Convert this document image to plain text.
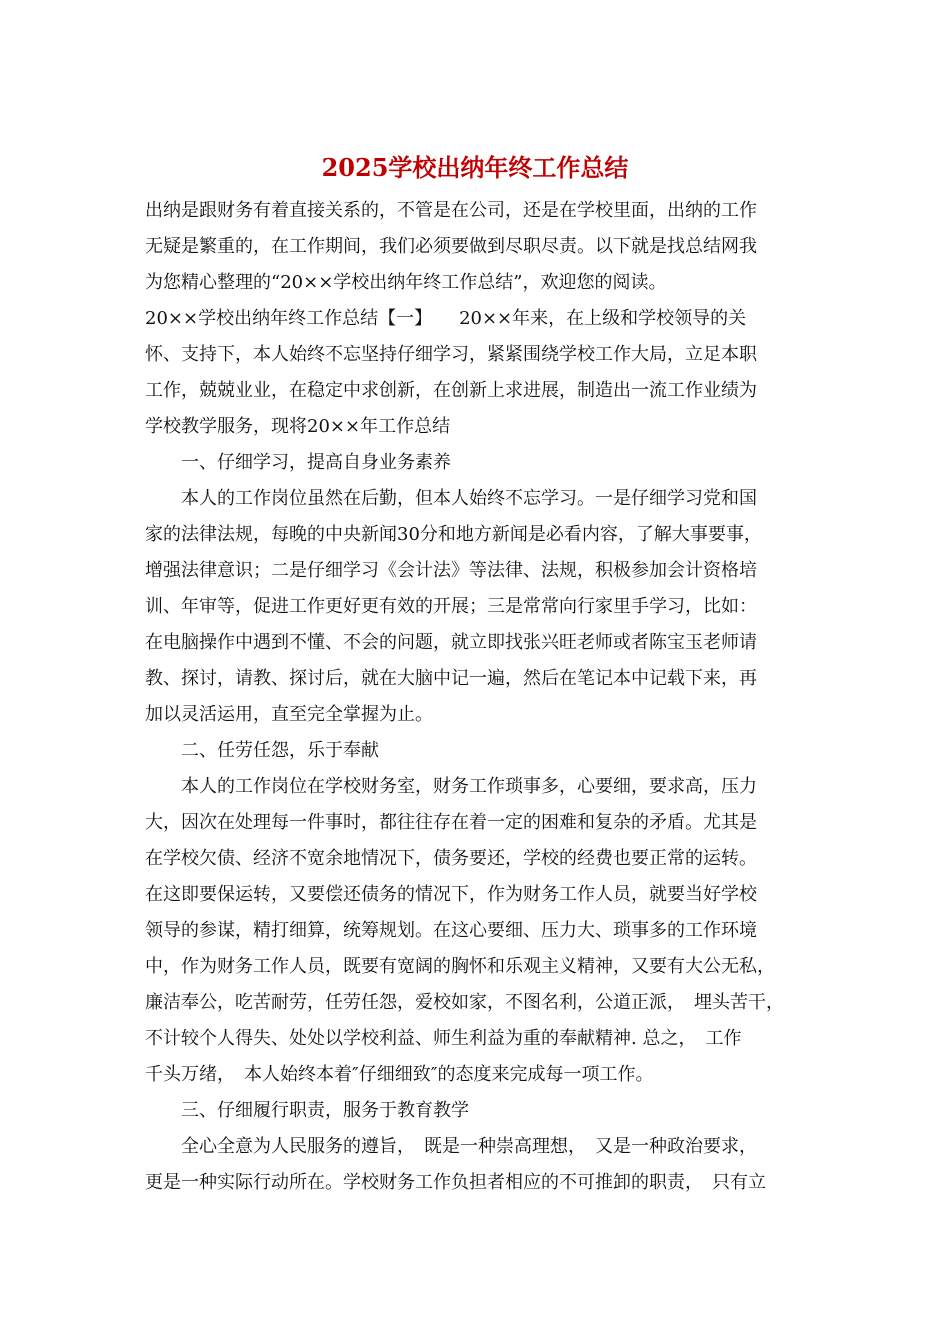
2025学校出纳年终工作总结
出纳是跟财务有着直接关系的，不管是在公司，还是在学校里面，出纳的工作
无疑是繁重的，在工作期间，我们必须要做到尽职尽责。以下就是找总结网我
为您精心整理的“20××学校出纳年终工作总结”，欢迎您的阅读。
20××学校出纳年终工作总结【一】　　20××年来，在上级和学校领导的关
怀、支持下，本人始终不忘坚持仔细学习，紧紧围绕学校工作大局，立足本职
工作，兢兢业业，在稳定中求创新，在创新上求进展，制造出一流工作业绩为
学校教学服务，现将20××年工作总结
一、仔细学习，提高自身业务素养
本人的工作岗位虽然在后勤，但本人始终不忘学习。一是仔细学习党和国
家的法律法规，每晚的中央新闻30分和地方新闻是必看内容，了解大事要事，
增强法律意识；二是仔细学习《会计法》等法律、法规，积极参加会计资格培
训、年审等，促进工作更好更有效的开展；三是常常向行家里手学习，比如：
在电脑操作中遇到不懂、不会的问题，就立即找张兴旺老师或者陈宝玉老师请
教、探讨，请教、探讨后，就在大脑中记一遍，然后在笔记本中记载下来，再
加以灵活运用，直至完全掌握为止。
二、任劳任怨，乐于奉献
本人的工作岗位在学校财务室，财务工作琐事多，心要细，要求高，压力
大，因次在处理每一件事时，都往往存在着一定的困难和复杂的矛盾。尤其是
在学校欠债、经济不宽余地情况下，债务要还，学校的经费也要正常的运转。
在这即要保运转，又要偿还债务的情况下，作为财务工作人员，就要当好学校
领导的参谋，精打细算，统筹规划。在这心要细、压力大、琐事多的工作环境
中，作为财务工作人员，既要有宽阔的胸怀和乐观主义精神，又要有大公无私，
廉洁奉公，吃苦耐劳，任劳任怨，爱校如家，不图名利，公道正派，　埋头苦干，
不计较个人得失、处处以学校利益、师生利益为重的奉献精神. 总之，　工作
千头万绪，　本人始终本着″仔细细致″的态度来完成每一项工作。
三、仔细履行职责，服务于教育教学
全心全意为人民服务的遵旨，　既是一种崇高理想，　又是一种政治要求，
更是一种实际行动所在。学校财务工作负担者相应的不可推卸的职责，　只有立
